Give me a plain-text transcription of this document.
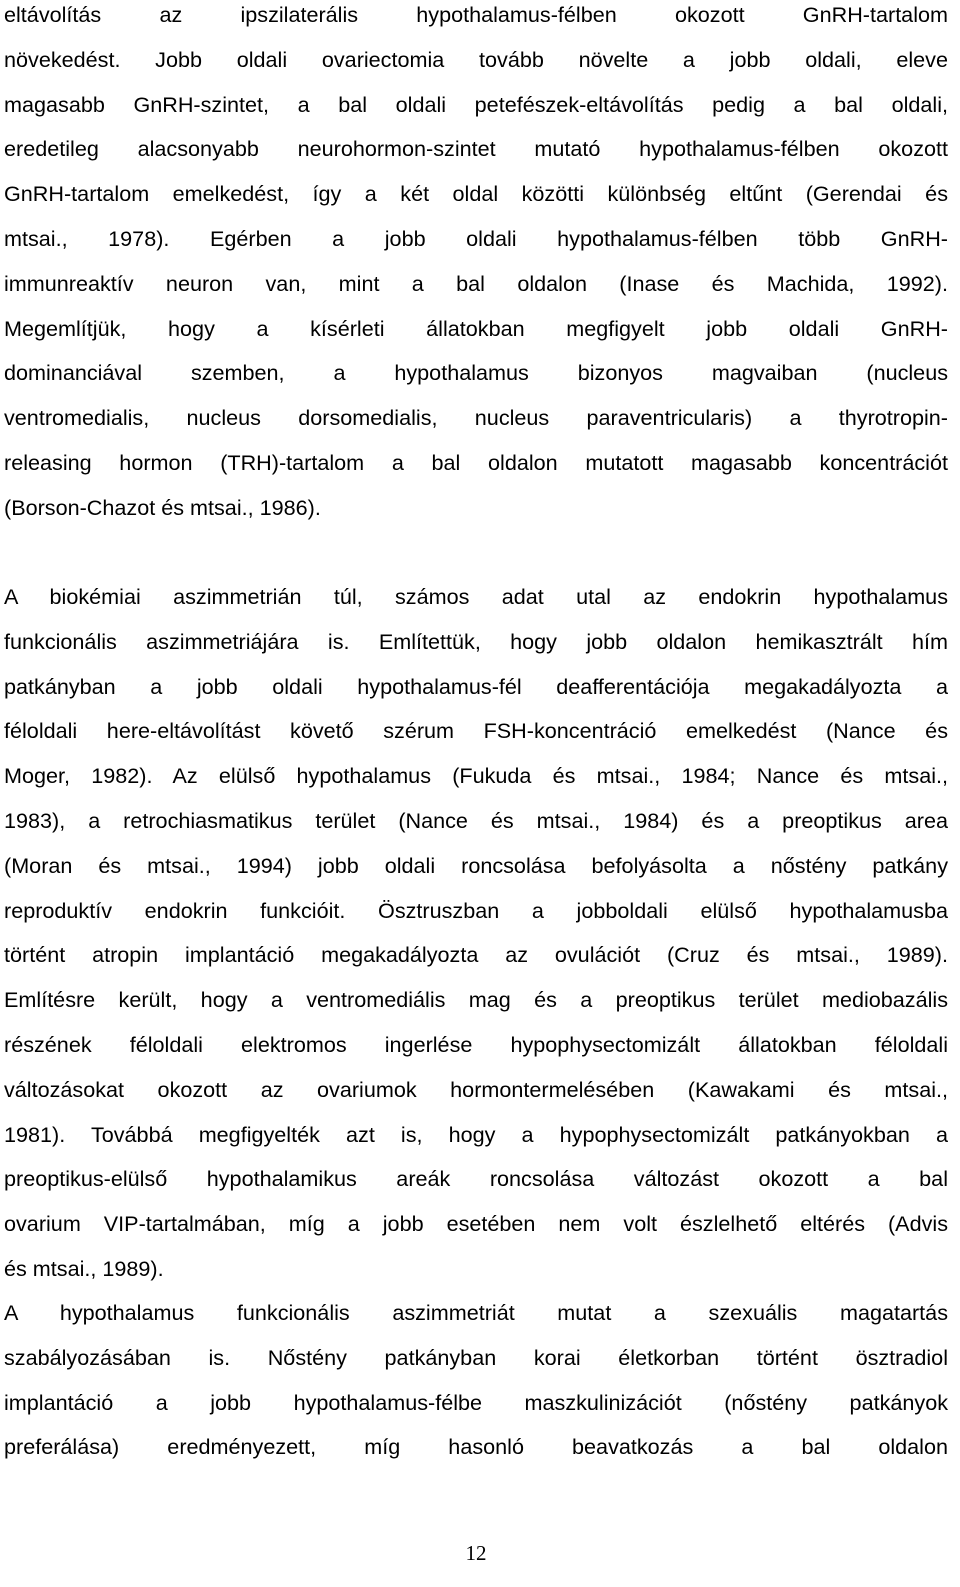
eltávolítás az ipszilaterális hypothalamus-félben okozott GnRH-tartalom
növekedést. Jobb oldali ovariectomia tovább növelte a jobb oldali, eleve
magasabb GnRH-szintet, a bal oldali petefészek-eltávolítás pedig a bal oldali,
eredetileg alacsonyabb neurohormon-szintet mutató hypothalamus-félben okozott
GnRH-tartalom emelkedést, így a két oldal közötti különbség eltűnt (Gerendai és
mtsai., 1978). Egérben a jobb oldali hypothalamus-félben több GnRH-
immunreaktív neuron van, mint a bal oldalon (Inase és Machida, 1992).
Megemlítjük, hogy a kísérleti állatokban megfigyelt jobb oldali GnRH-
dominanciával szemben, a hypothalamus bizonyos magvaiban (nucleus
ventromedialis, nucleus dorsomedialis, nucleus paraventricularis) a thyrotropin-
releasing hormon (TRH)-tartalom a bal oldalon mutatott magasabb koncentrációt
(Borson-Chazot és mtsai., 1986).
A biokémiai aszimmetrián túl, számos adat utal az endokrin hypothalamus
funkcionális aszimmetriájára is. Említettük, hogy jobb oldalon hemikasztrált hím
patkányban a jobb oldali hypothalamus-fél deafferentációja megakadályozta a
féloldali here-eltávolítást követő szérum FSH-koncentráció emelkedést (Nance és
Moger, 1982). Az elülső hypothalamus (Fukuda és mtsai., 1984; Nance és mtsai.,
1983), a retrochiasmatikus terület (Nance és mtsai., 1984) és a preoptikus area
(Moran és mtsai., 1994) jobb oldali roncsolása befolyásolta a nőstény patkány
reproduktív endokrin funkcióit. Ösztruszban a jobboldali elülső hypothalamusba
történt atropin implantáció megakadályozta az ovulációt (Cruz és mtsai., 1989).
Említésre került, hogy a ventromediális mag és a preoptikus terület mediobazális
részének féloldali elektromos ingerlése hypophysectomizált állatokban féloldali
változásokat okozott az ovariumok hormontermelésében (Kawakami és mtsai.,
1981). Továbbá megfigyelték azt is, hogy a hypophysectomizált patkányokban a
preoptikus-elülső hypothalamikus areák roncsolása változást okozott a bal
ovarium VIP-tartalmában, míg a jobb esetében nem volt észlelhető eltérés (Advis
és mtsai., 1989).
A hypothalamus funkcionális aszimmetriát mutat a szexuális magatartás
szabályozásában is. Nőstény patkányban korai életkorban történt ösztradiol
implantáció a jobb hypothalamus-félbe maszkulinizációt (nőstény patkányok
preferálása) eredményezett, míg hasonló beavatkozás a bal oldalon
12
